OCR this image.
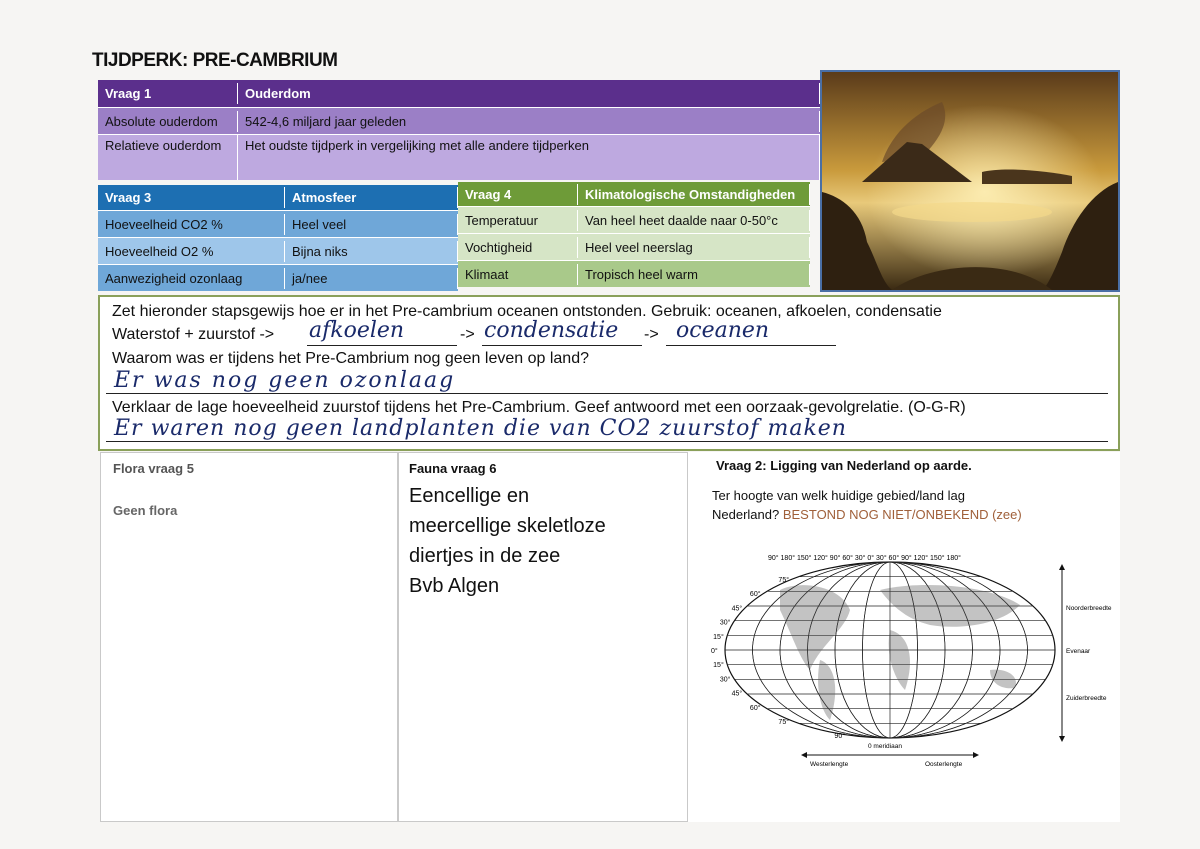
TIJDPERK: PRE-CAMBRIUM
Vraag 1	Ouderdom
Absolute ouderdom	542-4,6 miljard jaar geleden
Relatieve ouderdom	Het oudste tijdperk in vergelijking met alle andere tijdperken
Vraag 3	Atmosfeer
Hoeveelheid CO2 %	Heel veel
Hoeveelheid O2 %	Bijna niks
Aanwezigheid ozonlaag	ja/nee
Vraag 4	Klimatologische Omstandigheden
Temperatuur	Van heel heet daalde naar 0-50°c
Vochtigheid	Heel veel neerslag
Klimaat	Tropisch heel warm
Zet hieronder stapsgewijs hoe er in het Pre-cambrium oceanen ontstonden. Gebruik: oceanen, afkoelen, condensatie
Waterstof + zuurstof -> afkoelen	-> condensatie -> oceanen
Waarom was er tijdens het Pre-Cambrium nog geen leven op land?
Er was nog geen ozonlaag
Verklaar de lage hoeveelheid zuurstof tijdens het Pre-Cambrium. Geef antwoord met een oorzaak-gevolgrelatie. (O-G-R)
Er waren nog geen landplanten die van CO2 zuurstof maken
Flora vraag 5
Geen flora
Fauna vraag 6
Eencellige en
meercellige skeletloze
diertjes in de zee
Bvb Algen
Vraag 2: Ligging van Nederland op aarde.
Ter hoogte van welk huidige gebied/land lag
Nederland? BESTOND NOG NIET/ONBEKEND (zee)
90° 180° 150° 120° 90° 60° 30° 0° 30° 60° 90° 120° 150° 180°
75°
60°
45°
30°
15°
0°
15°
30°
45°
60°
75°
90°
Noorderbreedte
Evenaar
Zuiderbreedte
0 meridiaan
Westerlengte	Oosterlengte
